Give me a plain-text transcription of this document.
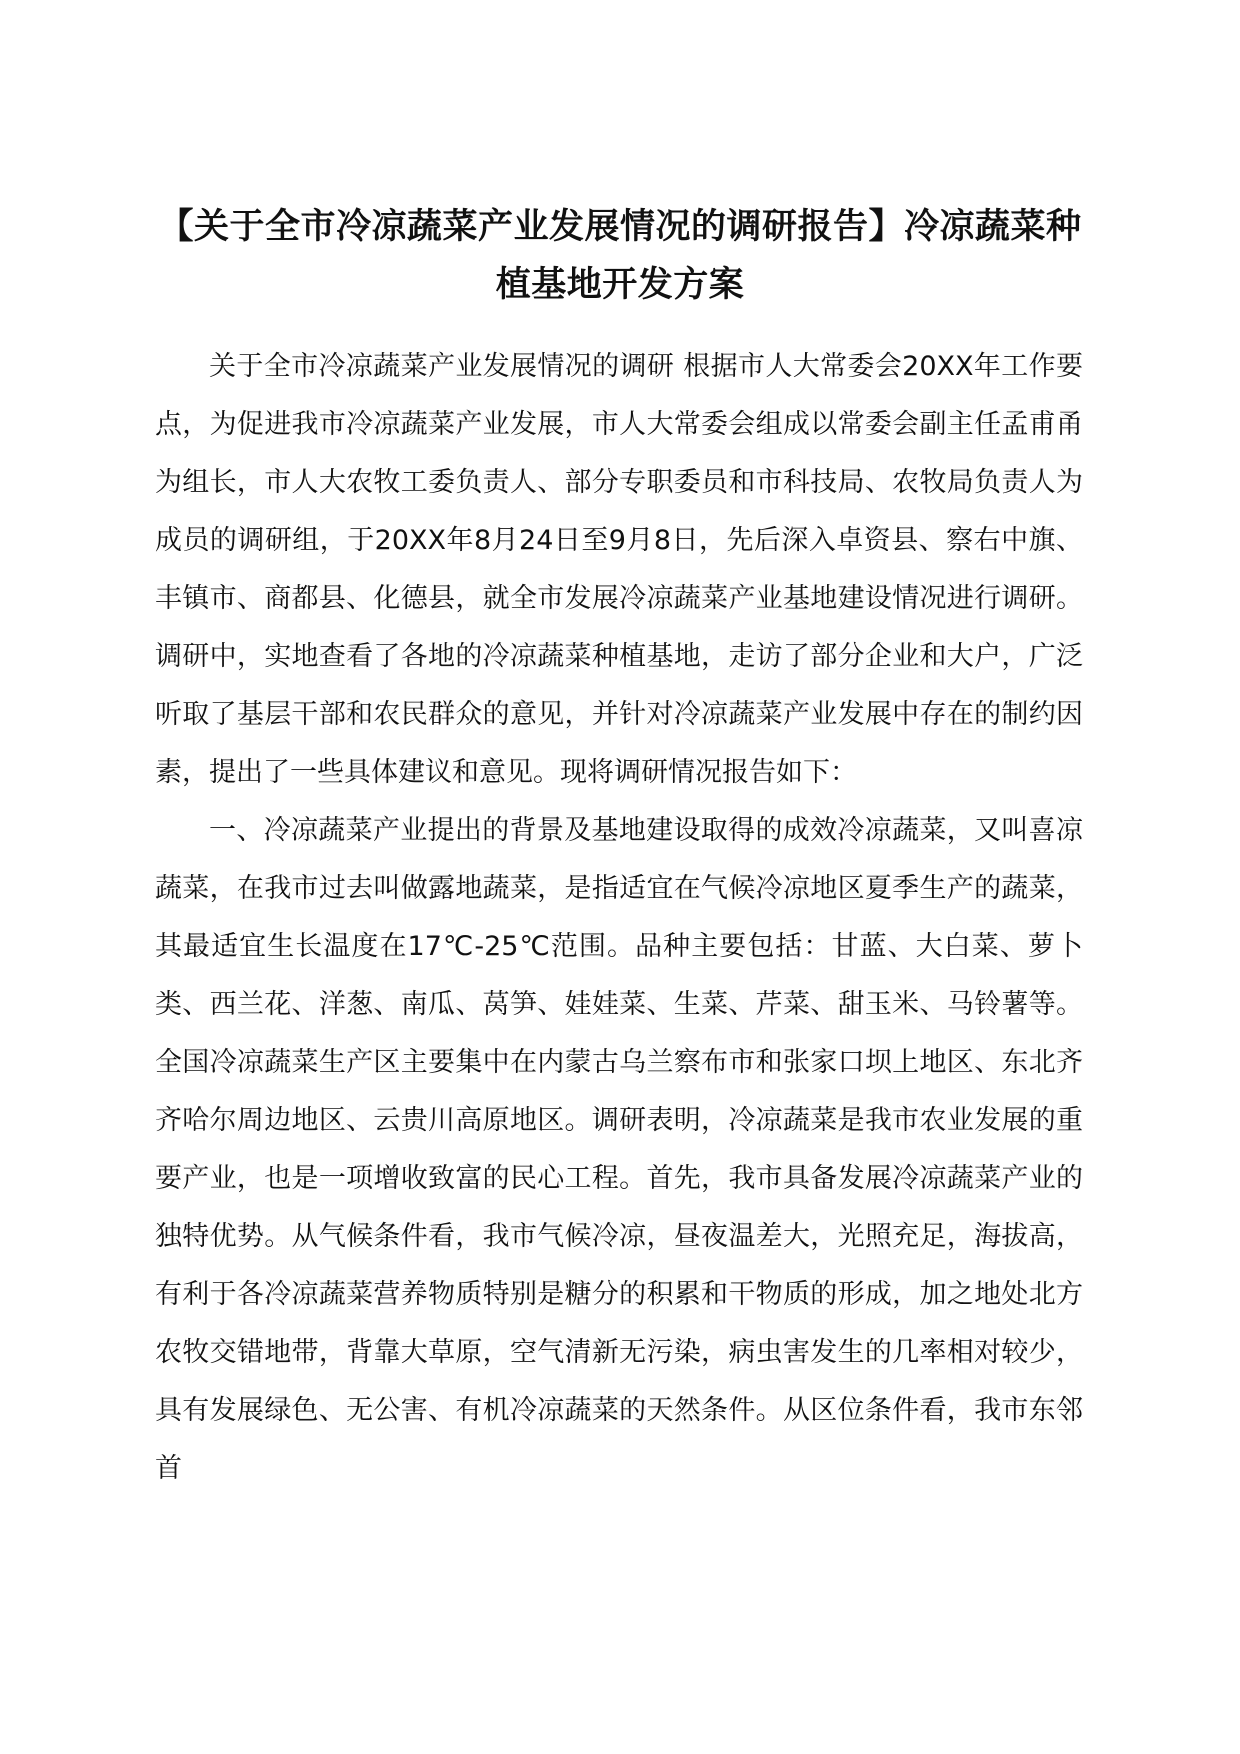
【关于全市冷凉蔬菜产业发展情况的调研报告】冷凉蔬菜种植基地开发方案

关于全市冷凉蔬菜产业发展情况的调研 根据市人大常委会20XX年工作要点，为促进我市冷凉蔬菜产业发展，市人大常委会组成以常委会副主任孟甫甬为组长，市人大农牧工委负责人、部分专职委员和市科技局、农牧局负责人为成员的调研组，于20XX年8月24日至9月8日，先后深入卓资县、察右中旗、丰镇市、商都县、化德县，就全市发展冷凉蔬菜产业基地建设情况进行调研。调研中，实地查看了各地的冷凉蔬菜种植基地，走访了部分企业和大户，广泛听取了基层干部和农民群众的意见，并针对冷凉蔬菜产业发展中存在的制约因素，提出了一些具体建议和意见。现将调研情况报告如下：

一、冷凉蔬菜产业提出的背景及基地建设取得的成效冷凉蔬菜，又叫喜凉蔬菜，在我市过去叫做露地蔬菜，是指适宜在气候冷凉地区夏季生产的蔬菜，其最适宜生长温度在17℃-25℃范围。品种主要包括：甘蓝、大白菜、萝卜类、西兰花、洋葱、南瓜、莴笋、娃娃菜、生菜、芹菜、甜玉米、马铃薯等。全国冷凉蔬菜生产区主要集中在内蒙古乌兰察布市和张家口坝上地区、东北齐齐哈尔周边地区、云贵川高原地区。调研表明，冷凉蔬菜是我市农业发展的重要产业，也是一项增收致富的民心工程。首先，我市具备发展冷凉蔬菜产业的独特优势。从气候条件看，我市气候冷凉，昼夜温差大，光照充足，海拔高，有利于各冷凉蔬菜营养物质特别是糖分的积累和干物质的形成，加之地处北方农牧交错地带，背靠大草原，空气清新无污染，病虫害发生的几率相对较少，具有发展绿色、无公害、有机冷凉蔬菜的天然条件。从区位条件看，我市东邻首
